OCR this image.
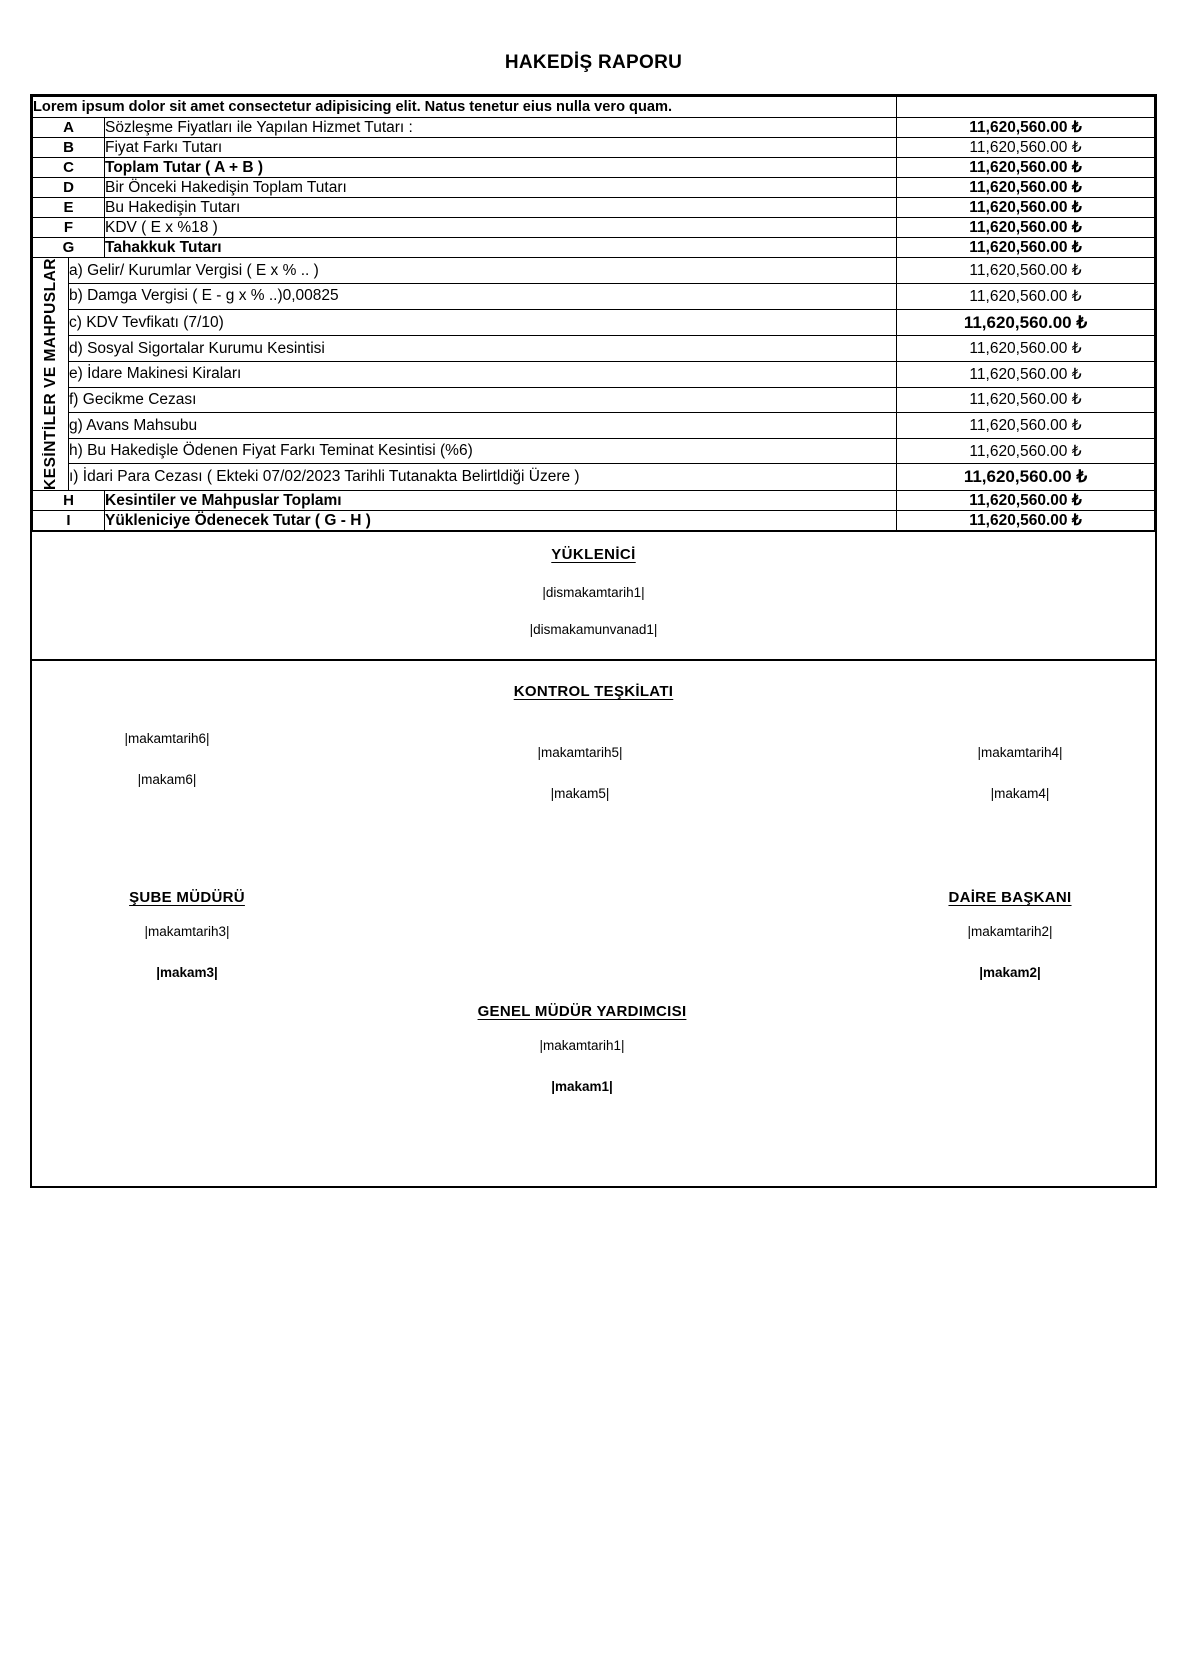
HAKEDİŞ RAPORU
Lorem ipsum dolor sit amet consectetur adipisicing elit. Natus tenetur eius nulla vero quam.			
A		Sözleşme Fiyatları ile Yapılan Hizmet Tutarı :	11,620,560.00 ₺
B		Fiyat Farkı Tutarı	11,620,560.00 ₺
C		Toplam Tutar ( A + B )	11,620,560.00 ₺
D		Bir Önceki Hakedişin Toplam Tutarı	11,620,560.00 ₺
E		Bu Hakedişin Tutarı	11,620,560.00 ₺
F		KDV ( E x %18 )	11,620,560.00 ₺
G		Tahakkuk Tutarı	11,620,560.00 ₺

KESİNTİLER VE MAHPUSLAR	a) Gelir/ Kurumlar Vergisi ( E x % .. )		11,620,560.00 ₺
	b) Damga Vergisi ( E - g x % ..)0,00825		11,620,560.00 ₺
	c) KDV Tevfikatı (7/10)		11,620,560.00 ₺
	d) Sosyal Sigortalar Kurumu Kesintisi		11,620,560.00 ₺
	e) İdare Makinesi Kiraları		11,620,560.00 ₺
	f) Gecikme Cezası		11,620,560.00 ₺
	g) Avans Mahsubu		11,620,560.00 ₺
	h) Bu Hakedişle Ödenen Fiyat Farkı Teminat Kesintisi (%6)		11,620,560.00 ₺
	ı) İdari Para Cezası ( Ekteki 07/02/2023 Tarihli Tutanakta Belirtldiği Üzere )		11,620,560.00 ₺
H		Kesintiler ve Mahpuslar Toplamı	11,620,560.00 ₺
I		Yükleniciye Ödenecek Tutar ( G - H )	11,620,560.00 ₺
YÜKLENİCİ
|dismakamtarih1|
|dismakamunvanad1|
KONTROL TEŞKİLATI
|makamtarih6|
|makam6|
|makamtarih5|
|makam5|
|makamtarih4|
|makam4|
ŞUBE MÜDÜRÜ
|makamtarih3|
|makam3|
DAİRE BAŞKANI
|makamtarih2|
|makam2|
GENEL MÜDÜR YARDIMCISI
|makamtarih1|
|makam1|
